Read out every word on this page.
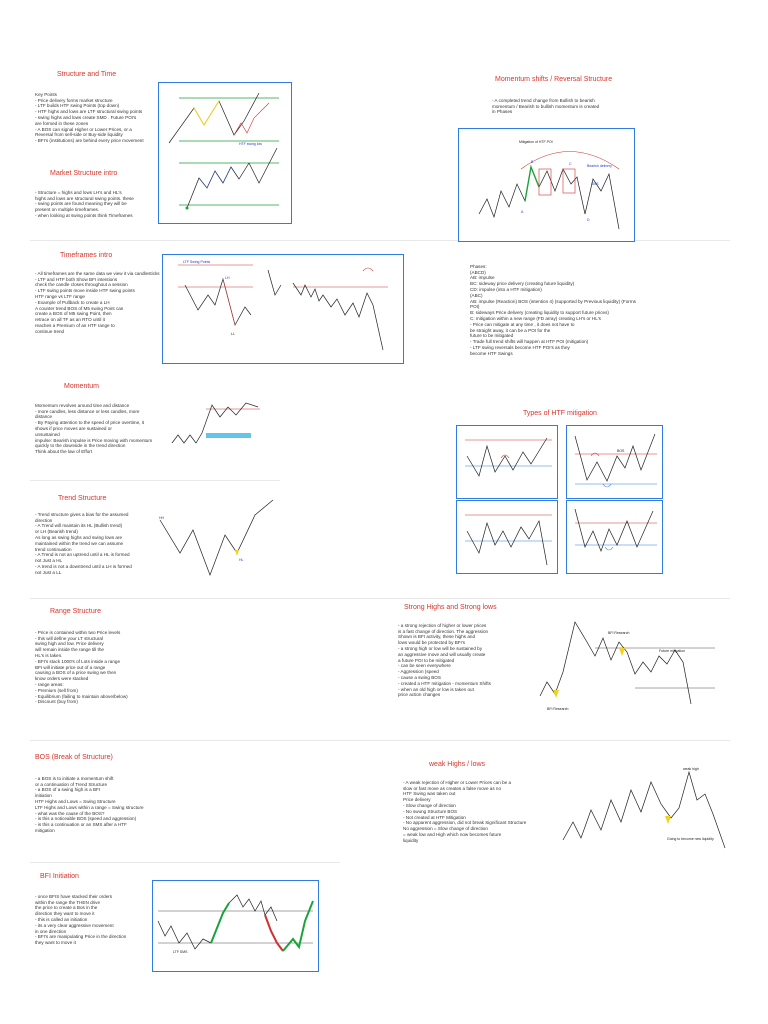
Structure and Time

Key Points
- Price delivery forms market structure
- LTF builds HTF swing Points (top down)
- HTF highs and lows are LTF structural swing points
- swing highs and lows create SMD . Future POI's
are formed in these zones
- A BOS can signal Higher or Lower Prices, or a
Reversal from sell-side or Buy-side liquidity
- BFI's (institutions) are behind every price movement

HTF swing low
Market Structure intro

- Structure = highs and lows LH's and HL's
highs and lows are structural swing points. these
- swing points are found meaning they will be
present on multiple timeframes.
- when looking at swing points think Timeframes

Timeframes intro

- All timeframes are the same data we view it via candlesticks
- LTF and HTF both Show BFI intentions
check the candle closes throughout a session
- LTF swing points move inside HTF swing points
HTF range vs LTF range
- Example of Pullback to create a LH
A counter trend BOS of M5 swing Point can
create a BOS of M5 swing Point, then
retrace on all TF as an RTO until it
reaches a Premium of an HTF range to
continue trend

LTF Swing Points
LH
LL
Momentum

Momentum revolves around time and distance
- more candles, less distance or less candles, more
distance
- By Paying attention to the speed of price overtime, it
shows if price moves are sustained or
unsustained
impulse: Bearish impulse is Price moving with momentum
quickly to the downside in the trend direction
Think about the law of Effort

Trend Structure

- Trend structure gives a bias for the assumed
direction
- A Trend will maintain its HL (Bullish trend)
or LH (Bearish trend)
As long as swing highs and swing lows are
maintained within the trend we can assume
trend continuation
- A Trend is not an uptrend until a HL is formed
not Just a HL
- A trend is not a downtrend until a LH is formed
not Just a LL

HH
HL
Range Structure

- Price is contained within two Price levels
- this will define your LT structural
swing high and low. Price delivery
will remain inside the range till the
HL's is taken.
- BFI's stack 1000's of Lots inside a range
BFI will initiate price out of a range
causing a BOS of a price swing we then
know orders were stacked
- range areas:
- Premium (sell from)
- Equilibrium (failing to maintain above/below)
- Discount (buy from)

BOS (Break of Structure)

- a BOS is to initiate a momentum shift
or a continuation of Trend Structure
- a BOS of a swing high is a BFI
initiation
HTF Highs and Lows = Swing Structure
LTF Highs and Lows within a range = Swing structure
- what was the cause of the BOS?
- is this a noticeable BOS (speed and aggression)
- is this a continuation or an SMS after a HTF
mitigation

BFI Initiation

- once BFIS have stacked their orders
within the range the THEN drive
the price to create a Bos in the
direction they want to move it
- this is called an initiation
- its a very clear aggressive movement
in one direction
- BFI's are manipulating Price in the direction
they want to move it

LTF SMS
Momentum shifts / Reversal Structure

- A completed trend change from Bullish to bearish
momentum / Bearish to bullish momentum is created
in Phases

Mitigation of HTF POI
Bearish delivery
A
B	C
D
SMS

Phases:
(ABCD)
AB: impulse
BC: sideway price delivery (creating future liquidity)
CD: impulse (into a HTF mitigation)
(ABC)
AB: impulse (Reaction) BOS (intention 4) (supported by Previous liquidity) (Forms POI)
B: sideways Price delivery (creating liquidity to support future prices)
C: mitigation within a new range (FD array) creating LH's or HL's
- Price can mitigate at any time , it does not have to
be straight away, it can be a POI for the
future to be mitigated
- Trade full trend shifts will happen at HTF POI (mitigation)
- LTF swing reversals become HTF POI's as they
become HTF Swings

Types of HTF mitigation
BOS
Strong Highs and Strong lows

- a strong rejection of higher or lower prices
is a fast change of direction. The aggression
Shown is BFI activity, these highs and
lows would be protected by BFI's
- a strong high or low will be sustained by
an aggressive move and will usually create
a future POI to be mitigated
- can be seen everywhere
- Aggression (speed
- cause a swing BOS
- created a HTF mitigation - momentum Shifts
- when an old high or low is taken out
price action changes

BFI Research
Future mitigation
BFI Research
weak Highs / lows

- A weak rejection of Higher or Lower Prices can be a
slow or fast move as creates a false move as no
HTF Swing was taken out
Price delivery
- Slow change of direction
- No swung Structure BOS
- Not created at HTF Mitigation
- No apparent aggression, did not break Significant Structure
No aggression = Slow change of direction
= weak low and High which now becomes future
liquidity

weak high
Going to become new liquidity
